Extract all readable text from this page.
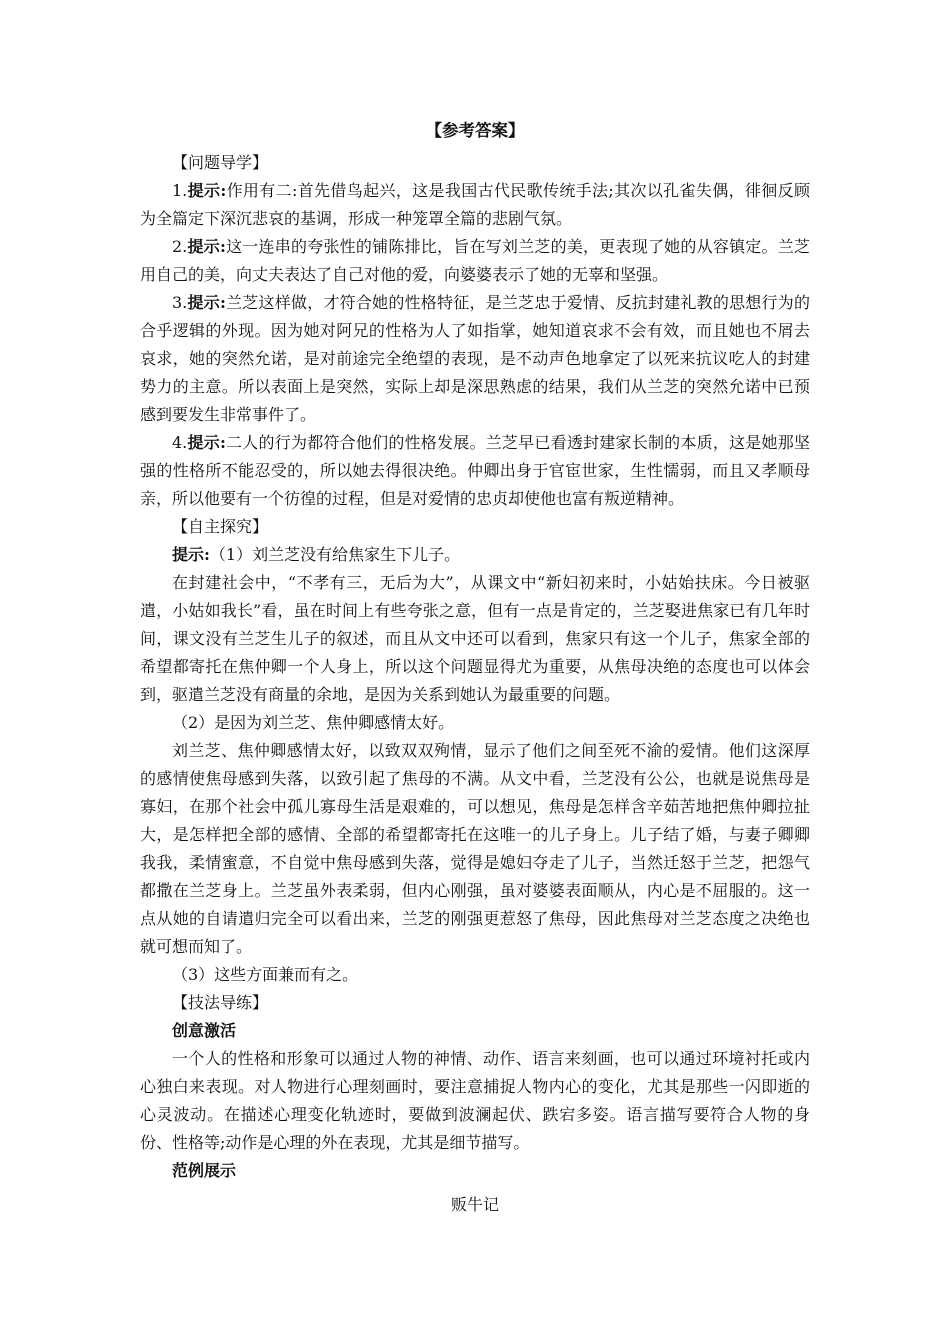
【参考答案】

【问题导学】

1.提示:作用有二:首先借鸟起兴，这是我国古代民歌传统手法;其次以孔雀失偶，徘徊反顾为全篇定下深沉悲哀的基调，形成一种笼罩全篇的悲剧气氛。

2.提示:这一连串的夸张性的铺陈排比，旨在写刘兰芝的美，更表现了她的从容镇定。兰芝用自己的美，向丈夫表达了自己对他的爱，向婆婆表示了她的无辜和坚强。

3.提示:兰芝这样做，才符合她的性格特征，是兰芝忠于爱情、反抗封建礼教的思想行为的合乎逻辑的外现。因为她对阿兄的性格为人了如指掌，她知道哀求不会有效，而且她也不屑去哀求，她的突然允诺，是对前途完全绝望的表现，是不动声色地拿定了以死来抗议吃人的封建势力的主意。所以表面上是突然，实际上却是深思熟虑的结果，我们从兰芝的突然允诺中已预感到要发生非常事件了。

4.提示:二人的行为都符合他们的性格发展。兰芝早已看透封建家长制的本质，这是她那坚强的性格所不能忍受的，所以她去得很决绝。仲卿出身于官宦世家，生性懦弱，而且又孝顺母亲，所以他要有一个彷徨的过程，但是对爱情的忠贞却使他也富有叛逆精神。

【自主探究】

提示:（1）刘兰芝没有给焦家生下儿子。

在封建社会中，“不孝有三，无后为大”，从课文中“新妇初来时，小姑始扶床。今日被驱遣，小姑如我长”看，虽在时间上有些夸张之意，但有一点是肯定的，兰芝娶进焦家已有几年时间，课文没有兰芝生儿子的叙述，而且从文中还可以看到，焦家只有这一个儿子，焦家全部的希望都寄托在焦仲卿一个人身上，所以这个问题显得尤为重要，从焦母决绝的态度也可以体会到，驱遣兰芝没有商量的余地，是因为关系到她认为最重要的问题。

（2）是因为刘兰芝、焦仲卿感情太好。

刘兰芝、焦仲卿感情太好，以致双双殉情，显示了他们之间至死不渝的爱情。他们这深厚的感情使焦母感到失落，以致引起了焦母的不满。从文中看，兰芝没有公公，也就是说焦母是寡妇，在那个社会中孤儿寡母生活是艰难的，可以想见，焦母是怎样含辛茹苦地把焦仲卿拉扯大，是怎样把全部的感情、全部的希望都寄托在这唯一的儿子身上。儿子结了婚，与妻子卿卿我我，柔情蜜意，不自觉中焦母感到失落，觉得是媳妇夺走了儿子，当然迁怒于兰芝，把怨气都撒在兰芝身上。兰芝虽外表柔弱，但内心刚强，虽对婆婆表面顺从，内心是不屈服的。这一点从她的自请遣归完全可以看出来，兰芝的刚强更惹怒了焦母，因此焦母对兰芝态度之决绝也就可想而知了。

（3）这些方面兼而有之。

【技法导练】

创意激活

一个人的性格和形象可以通过人物的神情、动作、语言来刻画，也可以通过环境衬托或内心独白来表现。对人物进行心理刻画时，要注意捕捉人物内心的变化，尤其是那些一闪即逝的心灵波动。在描述心理变化轨迹时，要做到波澜起伏、跌宕多姿。语言描写要符合人物的身份、性格等;动作是心理的外在表现，尤其是细节描写。

范例展示

贩牛记
